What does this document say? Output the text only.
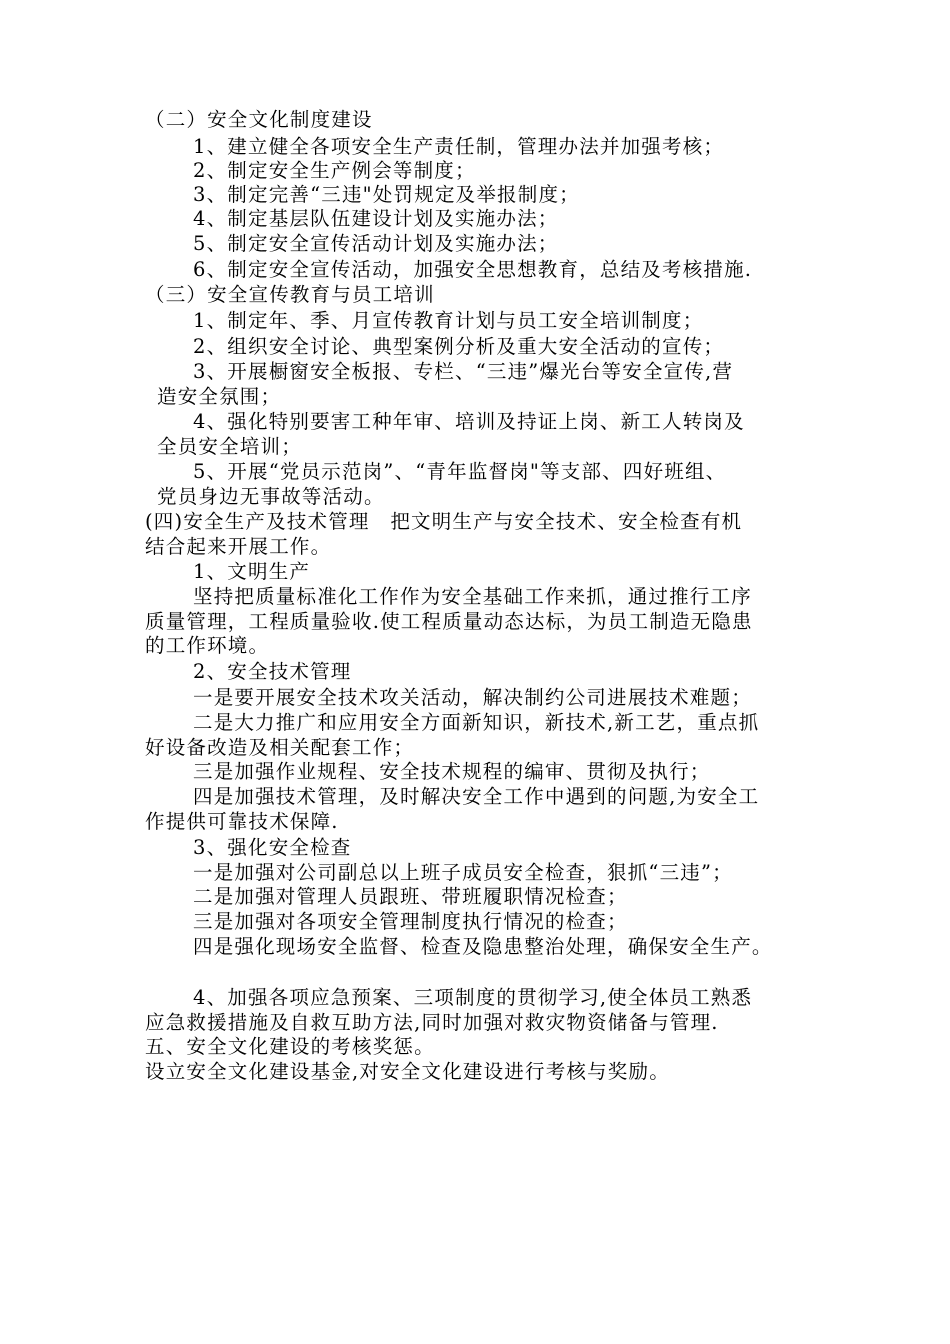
（二）安全文化制度建设
1、建立健全各项安全生产责任制，管理办法并加强考核；
2、制定安全生产例会等制度；
3、制定完善“三违"处罚规定及举报制度；
4、制定基层队伍建设计划及实施办法；
5、制定安全宣传活动计划及实施办法；
6、制定安全宣传活动，加强安全思想教育，总结及考核措施.
（三）安全宣传教育与员工培训
1、制定年、季、月宣传教育计划与员工安全培训制度；
2、组织安全讨论、典型案例分析及重大安全活动的宣传；
3、开展橱窗安全板报、专栏、“三违”爆光台等安全宣传,营
造安全氛围；
4、强化特别要害工种年审、培训及持证上岗、新工人转岗及
全员安全培训；
5、开展“党员示范岗”、“青年监督岗"等支部、四好班组、
党员身边无事故等活动。
(四)安全生产及技术管理　把文明生产与安全技术、安全检查有机
结合起来开展工作。
1、文明生产
坚持把质量标准化工作作为安全基础工作来抓，通过推行工序
质量管理，工程质量验收.使工程质量动态达标，为员工制造无隐患
的工作环境。
2、安全技术管理
一是要开展安全技术攻关活动，解决制约公司进展技术难题；
二是大力推广和应用安全方面新知识，新技术,新工艺，重点抓
好设备改造及相关配套工作；
三是加强作业规程、安全技术规程的编审、贯彻及执行；
四是加强技术管理，及时解决安全工作中遇到的问题,为安全工
作提供可靠技术保障.
3、强化安全检查
一是加强对公司副总以上班子成员安全检查，狠抓“三违”；
二是加强对管理人员跟班、带班履职情况检查；
三是加强对各项安全管理制度执行情况的检查；
四是强化现场安全监督、检查及隐患整治处理，确保安全生产。
4、加强各项应急预案、三项制度的贯彻学习,使全体员工熟悉
应急救援措施及自救互助方法,同时加强对救灾物资储备与管理.
五、安全文化建设的考核奖惩。
设立安全文化建设基金,对安全文化建设进行考核与奖励。
